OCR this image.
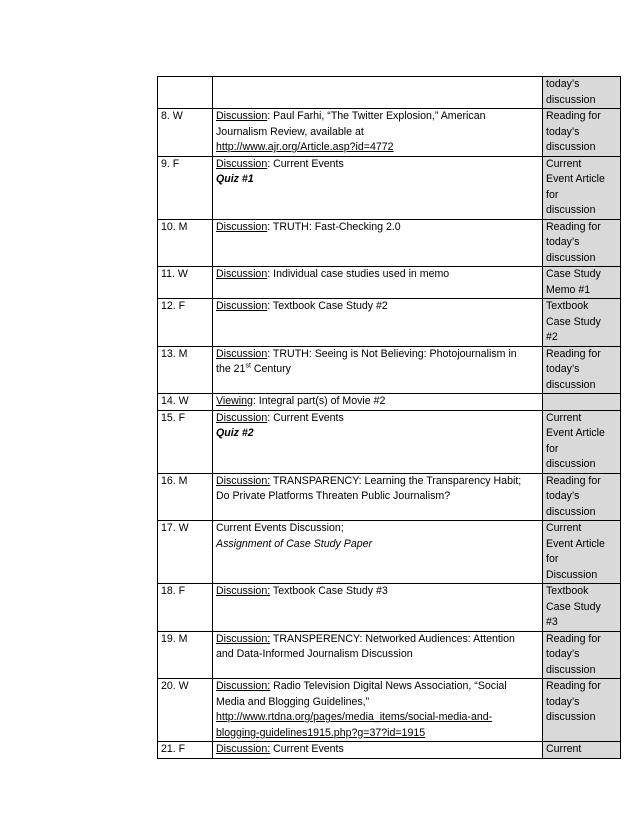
		today’s
discussion

8. W	Discussion: Paul Farhi, “The Twitter Explosion,” American
Journalism Review, available at
http://www.ajr.org/Article.asp?id=4772	Reading for
today’s
discussion

9. F	Discussion: Current Events
Quiz #1	Current
Event Article
for
discussion

10. M	Discussion: TRUTH: Fast-Checking 2.0	Reading for
today’s
discussion

11. W	Discussion: Individual case studies used in memo	Case Study
Memo #1

12. F	Discussion: Textbook Case Study #2	Textbook
Case Study
#2

13. M	Discussion: TRUTH: Seeing is Not Believing: Photojournalism in
the 21st Century	Reading for
today’s
discussion

14. W	Viewing: Integral part(s) of Movie #2	

15. F	Discussion: Current Events
Quiz #2	Current
Event Article
for
discussion

16. M	Discussion: TRANSPARENCY: Learning the Transparency Habit;
Do Private Platforms Threaten Public Journalism?	Reading for
today’s
discussion

17. W	Current Events Discussion;
Assignment of Case Study Paper	Current
Event Article
for
Discussion

18. F	Discussion: Textbook Case Study #3	Textbook
Case Study
#3

19. M	Discussion: TRANSPERENCY: Networked Audiences: Attention
and Data-Informed Journalism Discussion	Reading for
today’s
discussion

20. W	Discussion: Radio Television Digital News Association, “Social
Media and Blogging Guidelines,”
http://www.rtdna.org/pages/media_items/social-media-and-
blogging-guidelines1915.php?g=37?id=1915	Reading for
today’s
discussion

21. F	Discussion: Current Events	Current
